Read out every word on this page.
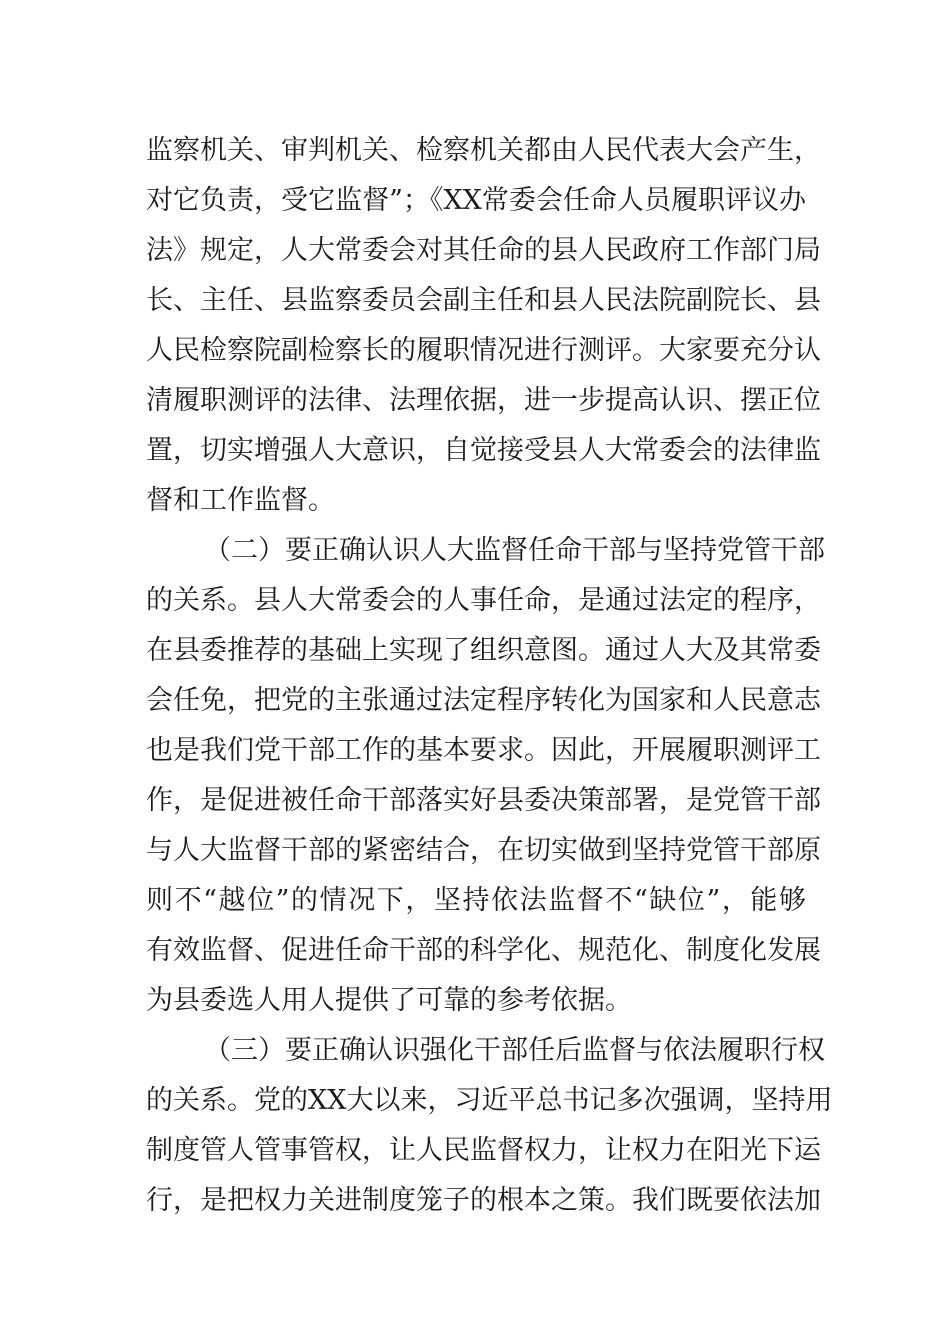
监察机关、审判机关、检察机关都由人民代表大会产生，
对它负责，受它监督”；《XX常委会任命人员履职评议办
法》规定，人大常委会对其任命的县人民政府工作部门局
长、主任、县监察委员会副主任和县人民法院副院长、县
人民检察院副检察长的履职情况进行测评。大家要充分认
清履职测评的法律、法理依据，进一步提高认识、摆正位
置，切实增强人大意识，自觉接受县人大常委会的法律监
督和工作监督。
（二）要正确认识人大监督任命干部与坚持党管干部
的关系。县人大常委会的人事任命，是通过法定的程序，
在县委推荐的基础上实现了组织意图。通过人大及其常委
会任免，把党的主张通过法定程序转化为国家和人民意志
也是我们党干部工作的基本要求。因此，开展履职测评工
作，是促进被任命干部落实好县委决策部署，是党管干部
与人大监督干部的紧密结合，在切实做到坚持党管干部原
则不“越位”的情况下，坚持依法监督不“缺位”，能够
有效监督、促进任命干部的科学化、规范化、制度化发展
为县委选人用人提供了可靠的参考依据。
（三）要正确认识强化干部任后监督与依法履职行权
的关系。党的XX大以来，习近平总书记多次强调，坚持用
制度管人管事管权，让人民监督权力，让权力在阳光下运
行，是把权力关进制度笼子的根本之策。我们既要依法加
